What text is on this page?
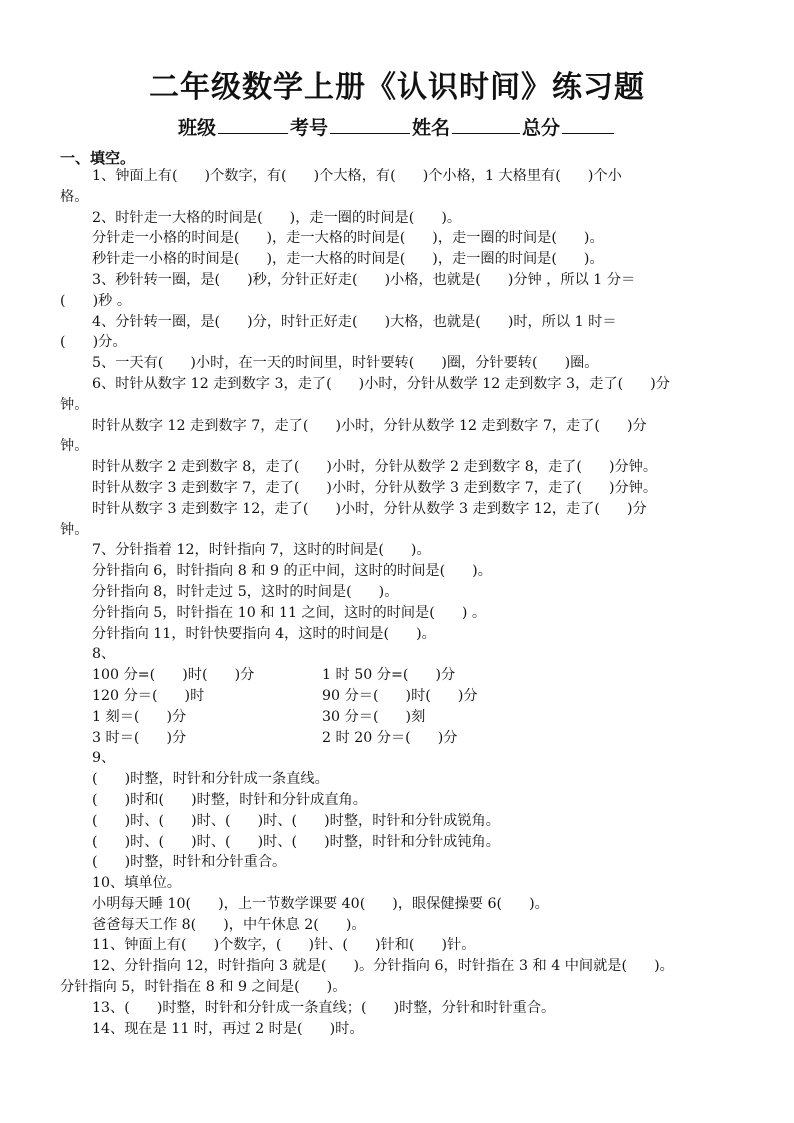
二年级数学上册《认识时间》练习题
班级	考号	姓名	总分
一、填空。
1、钟面上有(      )个数字，有(      )个大格，有(      )个小格，1 大格里有(      )个小
格。
2、时针走一大格的时间是(      )，走一圈的时间是(      )。
分针走一小格的时间是(      )，走一大格的时间是(      )，走一圈的时间是(      )。
秒针走一小格的时间是(      )，走一大格的时间是(      )，走一圈的时间是(      )。
3、秒针转一圈，是(      )秒，分针正好走(      )小格，也就是(      )分钟 ，所以 1 分＝
(      )秒 。
4、分针转一圈，是(      )分，时针正好走(      )大格，也就是(      )时，所以 1 时＝
(      )分。
5、一天有(      )小时，在一天的时间里，时针要转(      )圈，分针要转(      )圈。
6、时针从数字 12 走到数字 3，走了(      )小时，分针从数学 12 走到数字 3，走了(      )分
钟。
时针从数字 12 走到数字 7，走了(      )小时，分针从数学 12 走到数字 7，走了(      )分
钟。
时针从数字 2 走到数字 8，走了(      )小时，分针从数学 2 走到数字 8，走了(      )分钟。
时针从数字 3 走到数字 7，走了(      )小时，分针从数学 3 走到数字 7，走了(      )分钟。
时针从数字 3 走到数字 12，走了(      )小时，分针从数学 3 走到数字 12，走了(      )分
钟。
7、分针指着 12，时针指向 7，这时的时间是(      )。
分针指向 6，时针指向 8 和 9 的正中间，这时的时间是(      )。
分针指向 8，时针走过 5，这时的时间是(      )。
分针指向 5，时针指在 10 和 11 之间，这时的时间是(      ) 。
分针指向 11，时针快要指向 4，这时的时间是(      )。
8、
100 分=(      )时(      )分	1 时 50 分=(      )分
120 分＝(      )时	90 分＝(      )时(      )分
1 刻＝(      )分	30 分＝(      )刻
3 时＝(      )分	2 时 20 分＝(      )分
9、
(      )时整，时针和分针成一条直线。
(      )时和(      )时整，时针和分针成直角。
(      )时、(      )时、(      )时、(      )时整，时针和分针成锐角。
(      )时、(      )时、(      )时、(      )时整，时针和分针成钝角。
(      )时整，时针和分针重合。
10、填单位。
小明每天睡 10(      )，上一节数学课要 40(      )，眼保健操要 6(      )。
爸爸每天工作 8(      )，中午休息 2(      )。
11、钟面上有(      )个数字，(      )针、(      )针和(      )针。
12、分针指向 12，时针指向 3 就是(      )。分针指向 6，时针指在 3 和 4 中间就是(      )。
分针指向 5，时针指在 8 和 9 之间是(      )。
13、(      )时整，时针和分针成一条直线；(      )时整，分针和时针重合。
14、现在是 11 时，再过 2 时是(      )时。
